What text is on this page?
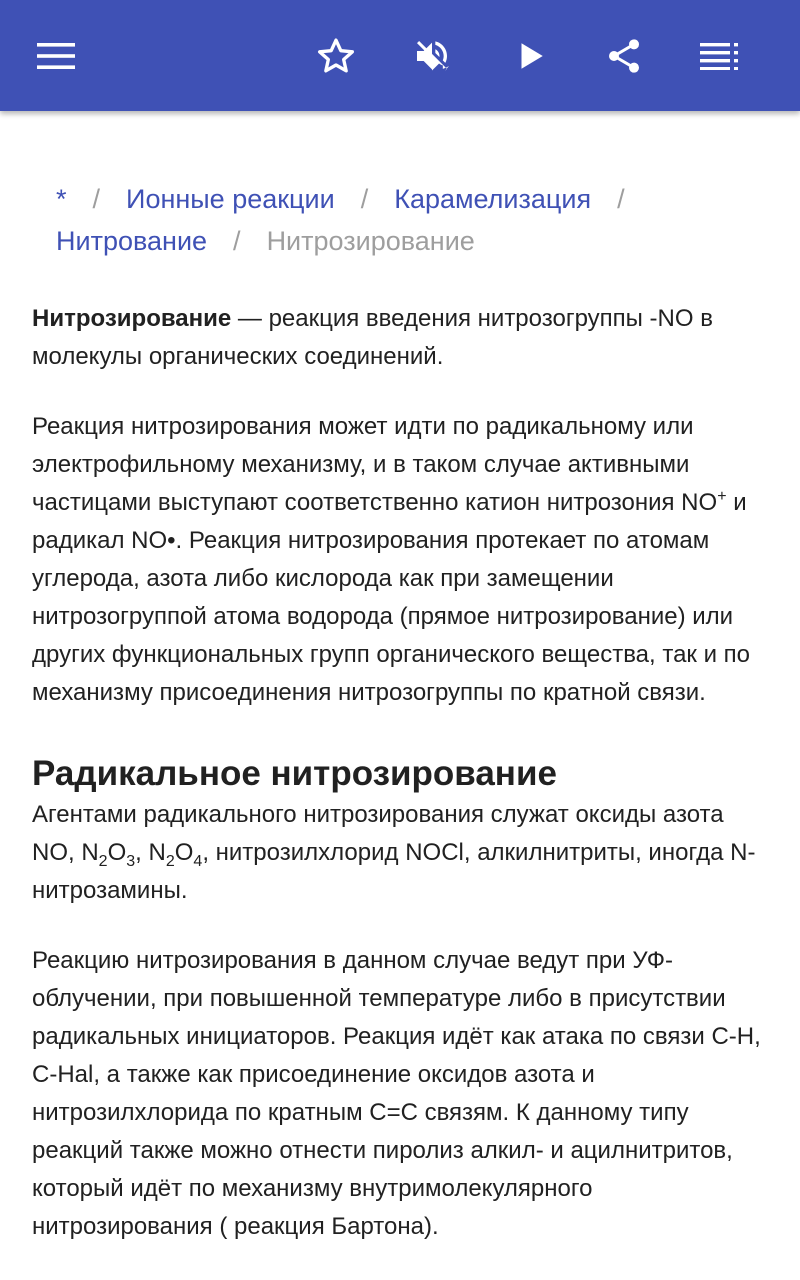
* / Ионные реакции / Карамелизация /
Нитрование / Нитрозирование

Нитрозирование — реакция введения нитрозогруппы -NO в молекулы органических соединений.

Реакция нитрозирования может идти по радикальному или электрофильному механизму, и в таком случае активными частицами выступают соответственно катион нитрозония NO+ и радикал NO•. Реакция нитрозирования протекает по атомам углерода, азота либо кислорода как при замещении нитрозогруппой атома водорода (прямое нитрозирование) или других функциональных групп органического вещества, так и по механизму присоединения нитрозогруппы по кратной связи.

Радикальное нитрозирование

Агентами радикального нитрозирования служат оксиды азота NO, $N_2O_3$, $N_2O_4$, нитрозилхлорид NOCl, алкилнитриты, иногда N-нитрозамины.

Реакцию нитрозирования в данном случае ведут при УФ-облучении, при повышенной температуре либо в присутствии радикальных инициаторов. Реакция идёт как атака по связи C-H, C-Hal, а также как присоединение оксидов азота и нитрозилхлорида по кратным C=C связям. К данному типу реакций также можно отнести пиролиз алкил- и ацилнитритов, который идёт по механизму внутримолекулярного нитрозирования ( реакция Бартона).
